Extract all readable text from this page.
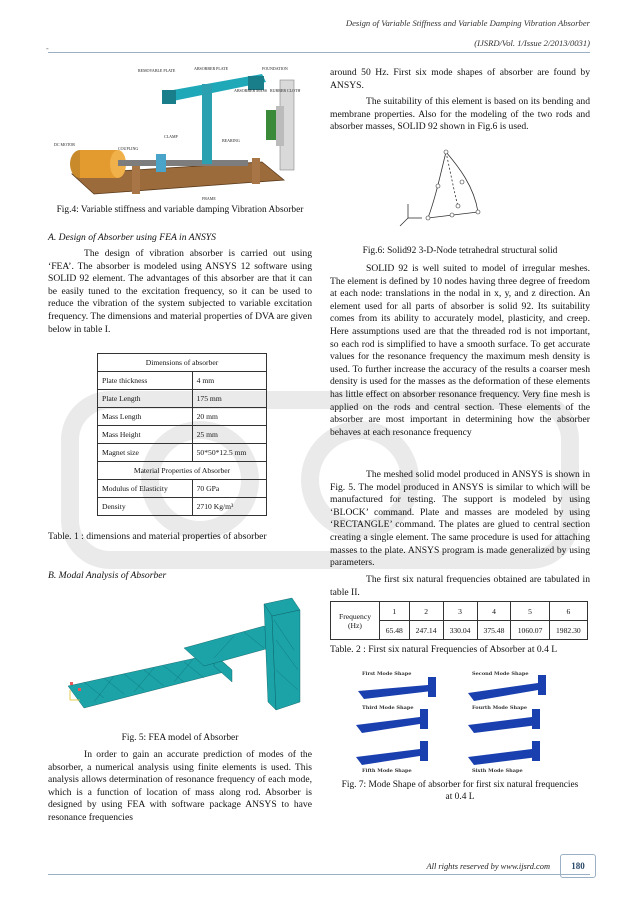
Design of Variable Stiffness and Variable Damping Vibration Absorber
(IJSRD/Vol. 1/Issue 2/2013/0031)
-
REMOVABLE PLATE	ABSORBER PLATE
ABSORBER MASS
FOUNDATION
RUBBER CLOTH
DC MOTOR
COUPLING
CLAMP
BEARING
FRAME
Fig.4: Variable stiffness and variable damping Vibration Absorber
A. Design of Absorber using FEA in ANSYS

The design of vibration absorber is carried out using ‘FEA’. The absorber is modeled using ANSYS 12 software using SOLID 92 element. The advantages of this absorber are that it can be easily tuned to the excitation frequency, so it can be used to reduce the vibration of the system subjected to variable excitation frequency. The dimensions and material properties of DVA are given below in table I.

Dimensions of absorber	
Plate thickness	4 mm
Plate Length	175 mm
Mass Length	20 mm
Mass Height	25 mm
Magnet size	50*50*12.5 mm
Material Properties of Absorber	
Modulus of Elasticity	70 GPa
Density	2710 Kg/m³
Table. 1 : dimensions and material properties of absorber
B. Modal Analysis of Absorber
Fig. 5: FEA model of Absorber

In order to gain an accurate prediction of modes of the absorber, a numerical analysis using finite elements is used. This analysis allows determination of resonance frequency of each mode, which is a function of location of mass along rod. Absorber is designed by using FEA with software package ANSYS to have resonance frequencies

around 50 Hz. First six mode shapes of absorber are found by ANSYS.

The suitability of this element is based on its bending and membrane properties. Also for the modeling of the two rods and absorber masses, SOLID 92 shown in Fig.6 is used.

Fig.6: Solid92 3-D-Node tetrahedral structural solid

SOLID 92 is well suited to model of irregular meshes. The element is defined by 10 nodes having three degree of freedom at each node: translations in the nodal in x, y, and z direction. An element used for all parts of absorber is solid 92. Its suitability comes from its ability to accurately model, plasticity, and creep. Here assumptions used are that the threaded rod is not important, so each rod is simplified to have a smooth surface. To get accurate values for the resonance frequency the maximum mesh density is used. To further increase the accuracy of the results a coarser mesh density is used for the masses as the deformation of these elements has little effect on absorber resonance frequency. Very fine mesh is applied on the rods and central section. These elements of the absorber are most important in determining how the absorber behaves at each resonance frequency

The meshed solid model produced in ANSYS is shown in Fig. 5. The model produced in ANSYS is similar to which will be manufactured for testing. The support is modeled by using ‘BLOCK’ command. Plate and masses are modeled by using ‘RECTANGLE’ command. The plates are glued to central section creating a single element. The same procedure is used for attaching masses to the plate. ANSYS program is made generalized by using parameters.

The first six natural frequencies obtained are tabulated in table II.

Frequency (Hz)	1	2	3	4	5	6
	65.48	247.14	330.04	375.48	1060.07	1982.30
Table. 2 : First six natural Frequencies of Absorber at 0.4 L
First Mode Shape	Second Mode Shape
Third Mode Shape	Fourth Mode Shape
Fifth Mode Shape	Sixth Mode Shape
Fig. 7: Mode Shape of absorber for first six natural frequencies at 0.4 L
All rights reserved by www.ijsrd.com	180
